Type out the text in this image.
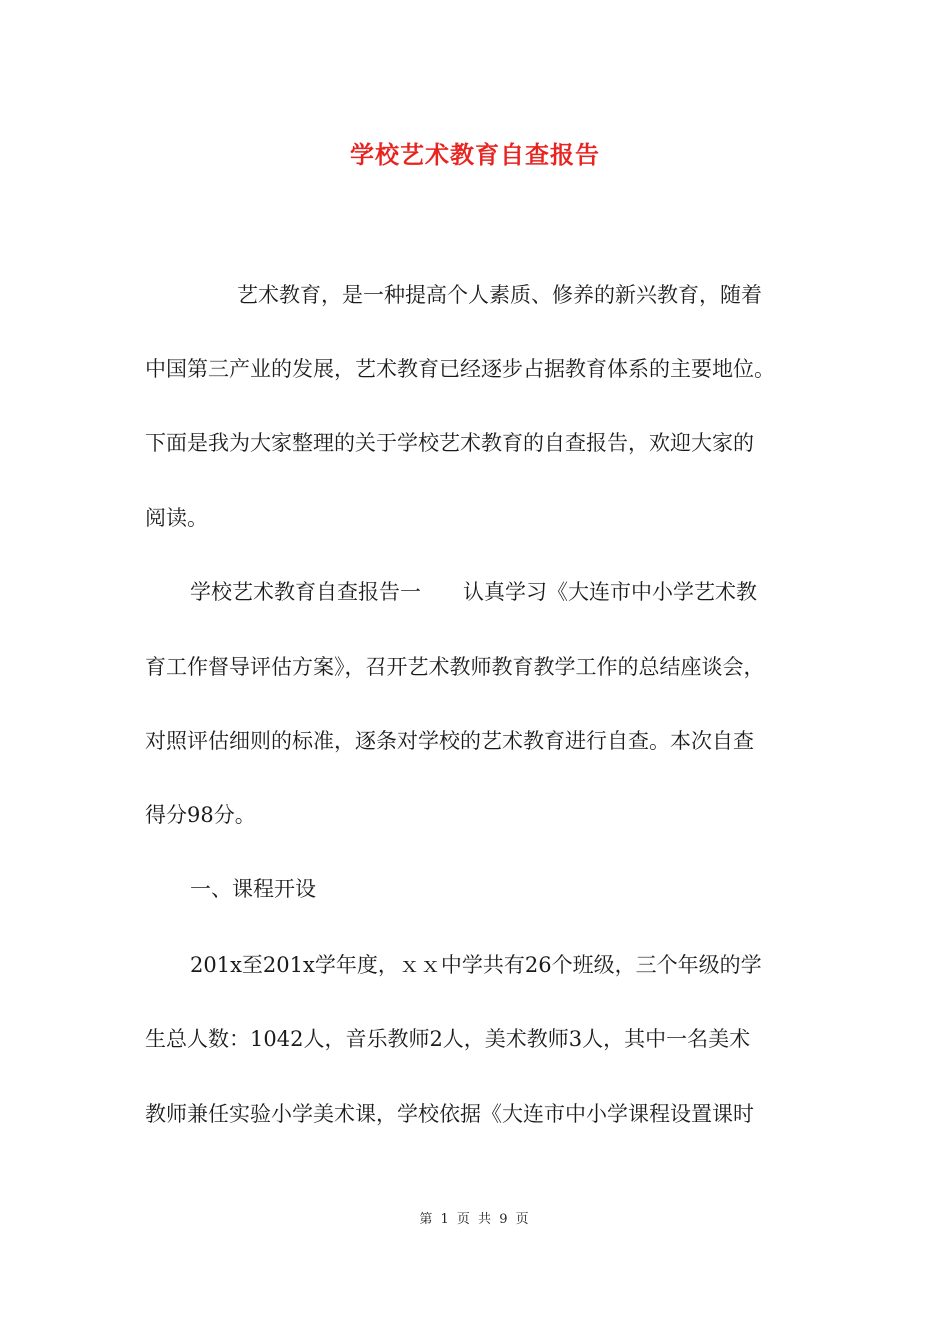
学校艺术教育自查报告

艺术教育，是一种提高个人素质、修养的新兴教育，随着

中国第三产业的发展，艺术教育已经逐步占据教育体系的主要地位。

下面是我为大家整理的关于学校艺术教育的自查报告，欢迎大家的

阅读。

学校艺术教育自查报告一　　认真学习《大连市中小学艺术教

育工作督导评估方案》，召开艺术教师教育教学工作的总结座谈会，

对照评估细则的标准，逐条对学校的艺术教育进行自查。本次自查

得分98分。

一、课程开设

201x至201x学年度，ｘｘ中学共有26个班级，三个年级的学

生总人数：1042人，音乐教师2人，美术教师3人，其中一名美术

教师兼任实验小学美术课，学校依据《大连市中小学课程设置课时

第 1 页 共 9 页
